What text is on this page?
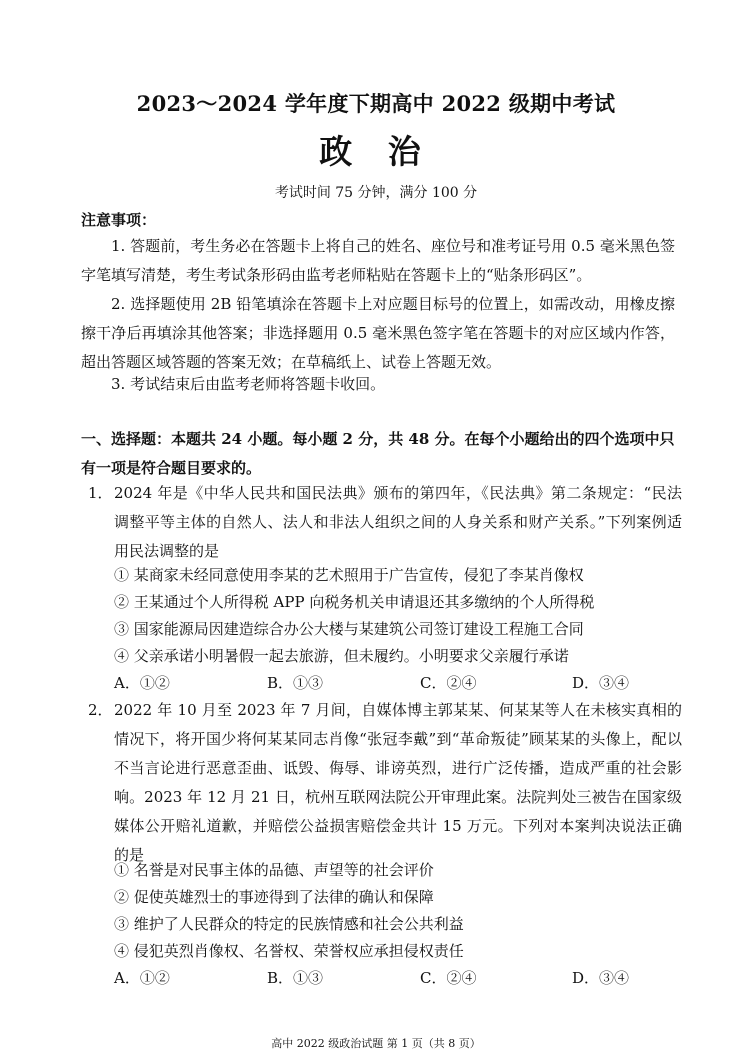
2023～2024 学年度下期高中 2022 级期中考试
政 治
考试时间 75 分钟，满分 100 分
注意事项：
1. 答题前，考生务必在答题卡上将自己的姓名、座位号和准考证号用 0.5 毫米黑色签字笔填写清楚，考生考试条形码由监考老师粘贴在答题卡上的“贴条形码区”。
2. 选择题使用 2B 铅笔填涂在答题卡上对应题目标号的位置上，如需改动，用橡皮擦擦干净后再填涂其他答案；非选择题用 0.5 毫米黑色签字笔在答题卡的对应区域内作答，超出答题区域答题的答案无效；在草稿纸上、试卷上答题无效。
3. 考试结束后由监考老师将答题卡收回。
一、选择题：本题共 24 小题。每小题 2 分，共 48 分。在每个小题给出的四个选项中只有一项是符合题目要求的。
1． 2024 年是《中华人民共和国民法典》颁布的第四年，《民法典》第二条规定：“民法调整平等主体的自然人、法人和非法人组织之间的人身关系和财产关系。”下列案例适用民法调整的是
① 某商家未经同意使用李某的艺术照用于广告宣传，侵犯了李某肖像权
② 王某通过个人所得税 APP 向税务机关申请退还其多缴纳的个人所得税
③ 国家能源局因建造综合办公大楼与某建筑公司签订建设工程施工合同
④ 父亲承诺小明暑假一起去旅游，但未履约。小明要求父亲履行承诺
A．①②	B．①③	C．②④	D．③④
2． 2022 年 10 月至 2023 年 7 月间，自媒体博主郭某某、何某某等人在未核实真相的情况下，将开国少将何某某同志肖像“张冠李戴”到“革命叛徒”顾某某的头像上，配以不当言论进行恶意歪曲、诋毁、侮辱、诽谤英烈，进行广泛传播，造成严重的社会影响。2023 年 12 月 21 日，杭州互联网法院公开审理此案。法院判处三被告在国家级媒体公开赔礼道歉，并赔偿公益损害赔偿金共计 15 万元。下列对本案判决说法正确的是
① 名誉是对民事主体的品德、声望等的社会评价
② 促使英雄烈士的事迹得到了法律的确认和保障
③ 维护了人民群众的特定的民族情感和社会公共利益
④ 侵犯英烈肖像权、名誉权、荣誉权应承担侵权责任
A．①②	B．①③	C．②④	D．③④
高中 2022 级政治试题 第 1 页（共 8 页）
